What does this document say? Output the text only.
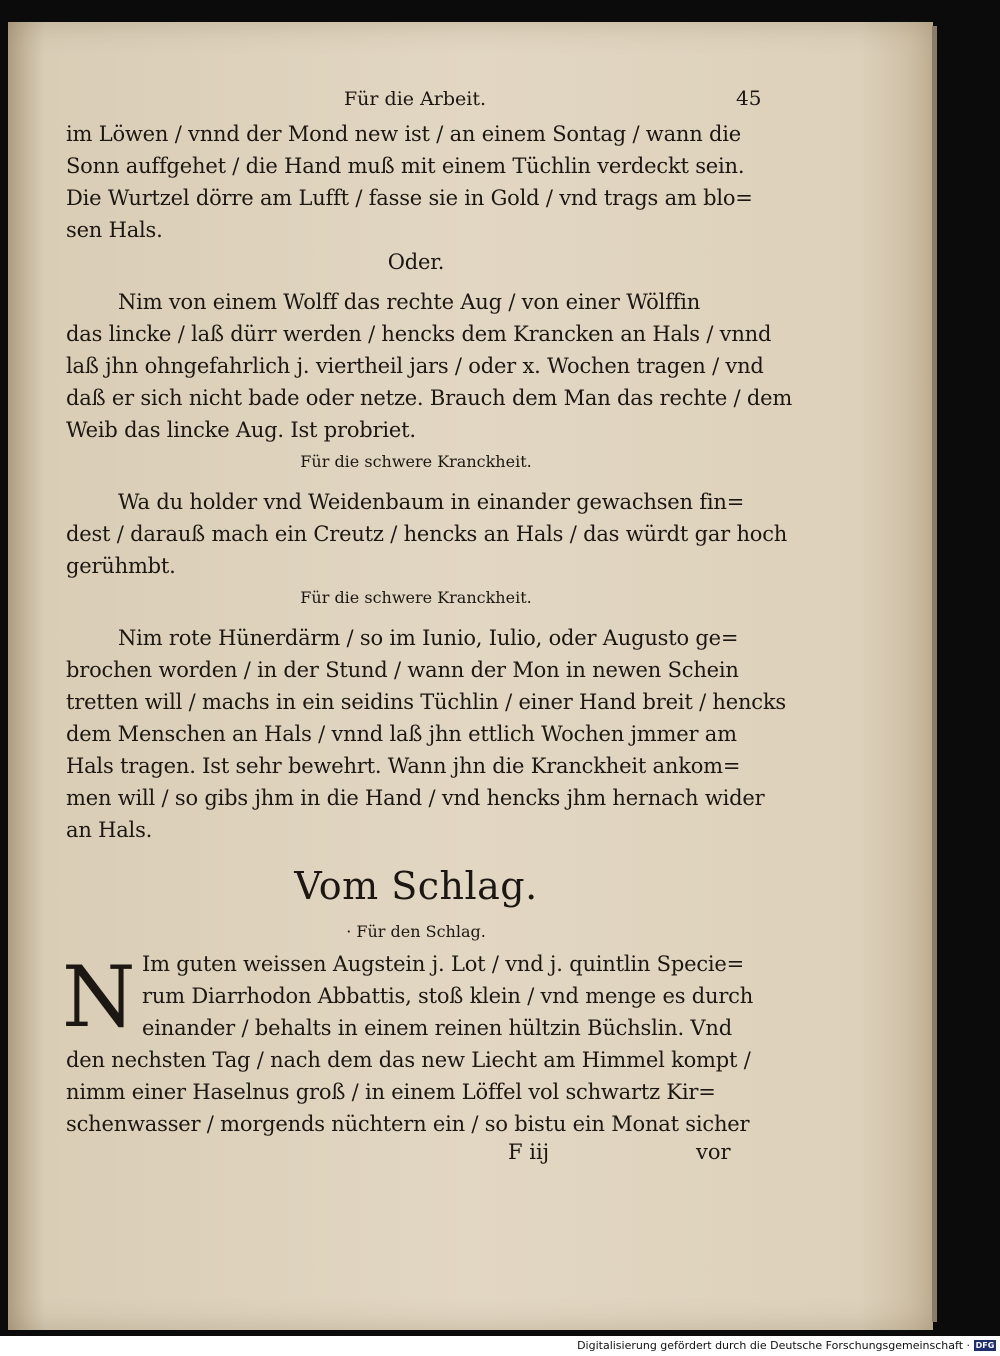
Für die Arbeit.	45
im Löwen / vnnd der Mond new ist / an einem Sontag / wann die
Sonn auffgehet / die Hand muß mit einem Tüchlin verdeckt sein.
Die Wurtzel dörre am Lufft / fasse sie in Gold / vnd trags am blo=
sen Hals.
Oder.
Nim von einem Wolff das rechte Aug / von einer Wölffin
das lincke / laß dürr werden / hencks dem Krancken an Hals / vnnd
laß jhn ohngefahrlich j. viertheil jars / oder x. Wochen tragen / vnd
daß er sich nicht bade oder netze. Brauch dem Man das rechte / dem
Weib das lincke Aug. Ist probriet.
Für die schwere Kranckheit.
Wa du holder vnd Weidenbaum in einander gewachsen fin=
dest / darauß mach ein Creutz / hencks an Hals / das würdt gar hoch
gerühmbt.
Für die schwere Kranckheit.
Nim rote Hünerdärm / so im Iunio, Iulio, oder Augusto ge=
brochen worden / in der Stund / wann der Mon in newen Schein
tretten will / machs in ein seidins Tüchlin / einer Hand breit / hencks
dem Menschen an Hals / vnnd laß jhn ettlich Wochen jmmer am
Hals tragen. Ist sehr bewehrt. Wann jhn die Kranckheit ankom=
men will / so gibs jhm in die Hand / vnd hencks jhm hernach wider
an Hals.
Vom Schlag.
· Für den Schlag.
N Im guten weissen Augstein j. Lot / vnd j. quintlin Specie=
rum Diarrhodon Abbattis, stoß klein / vnd menge es durch
einander / behalts in einem reinen hültzin Büchslin. Vnd
den nechsten Tag / nach dem das new Liecht am Himmel kompt /
nimm einer Haselnus groß / in einem Löffel vol schwartz Kir=
schenwasser / morgends nüchtern ein / so bistu ein Monat sicher
F iij	vor
Digitalisierung gefördert durch die Deutsche Forschungsgemeinschaft · DFG
